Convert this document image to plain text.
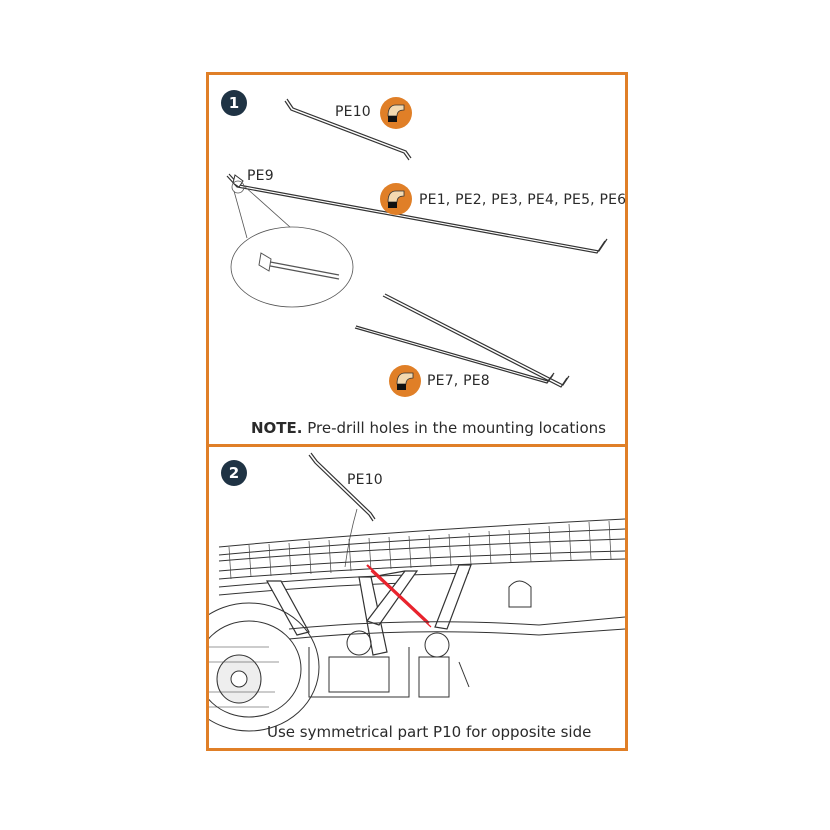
1	PE10
PE9
PE1, PE2, PE3, PE4, PE5, PE6
PE7, PE8
NOTE. Pre-drill holes in the mounting locations
2	PE10
Use symmetrical part P10 for opposite side
